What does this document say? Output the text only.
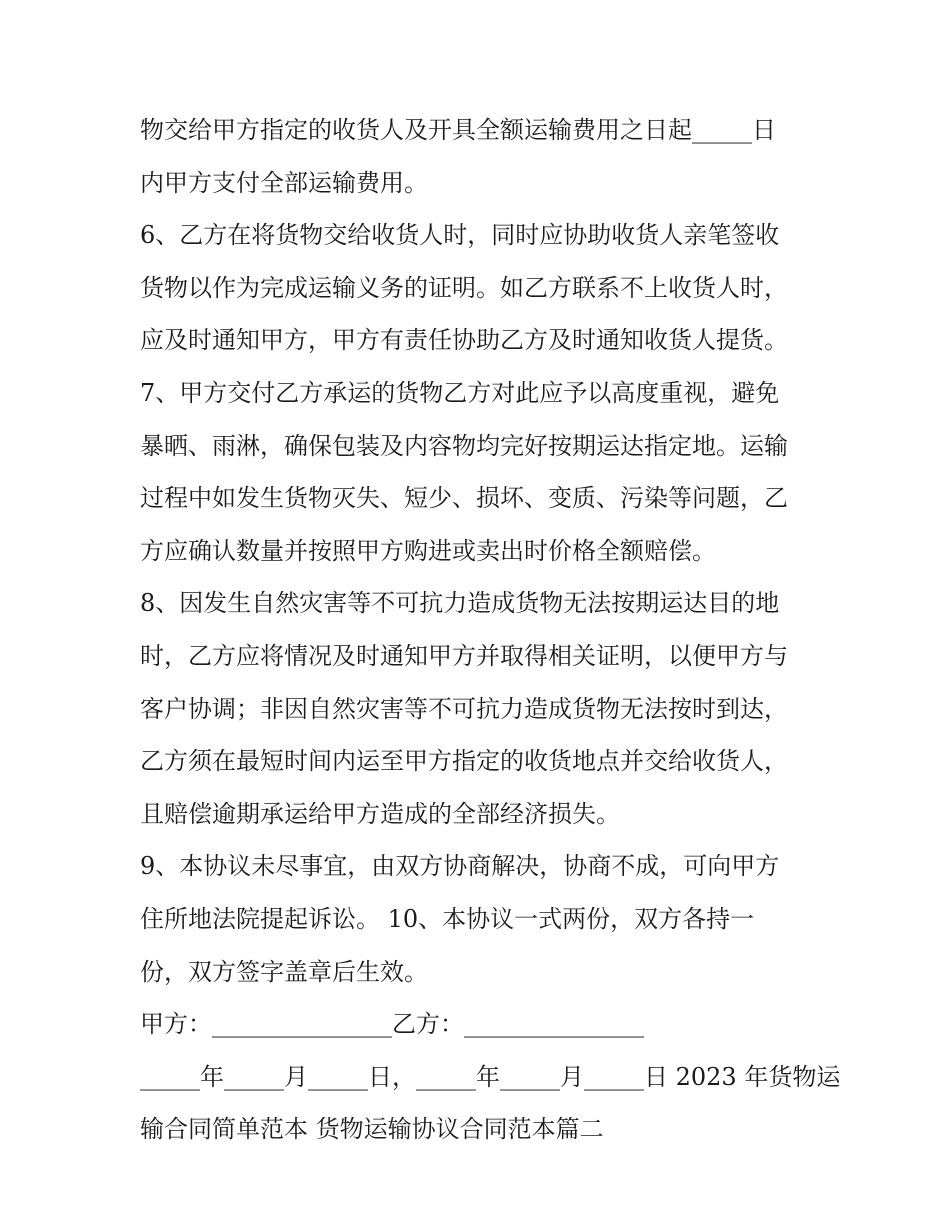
物交给甲方指定的收货人及开具全额运输费用之日起_____日
内甲方支付全部运输费用。
6、乙方在将货物交给收货人时，同时应协助收货人亲笔签收
货物以作为完成运输义务的证明。如乙方联系不上收货人时，
应及时通知甲方，甲方有责任协助乙方及时通知收货人提货。
7、甲方交付乙方承运的货物乙方对此应予以高度重视，避免
暴晒、雨淋，确保包装及内容物均完好按期运达指定地。运输
过程中如发生货物灭失、短少、损坏、变质、污染等问题，乙
方应确认数量并按照甲方购进或卖出时价格全额赔偿。
8、因发生自然灾害等不可抗力造成货物无法按期运达目的地
时，乙方应将情况及时通知甲方并取得相关证明，以便甲方与
客户协调；非因自然灾害等不可抗力造成货物无法按时到达，
乙方须在最短时间内运至甲方指定的收货地点并交给收货人，
且赔偿逾期承运给甲方造成的全部经济损失。
9、本协议未尽事宜，由双方协商解决，协商不成，可向甲方
住所地法院提起诉讼。 10、本协议一式两份，双方各持一
份，双方签字盖章后生效。
甲方：_______________乙方：_______________
_____年_____月_____日，_____年_____月_____日 2023 年货物运
输合同简单范本 货物运输协议合同范本篇二
